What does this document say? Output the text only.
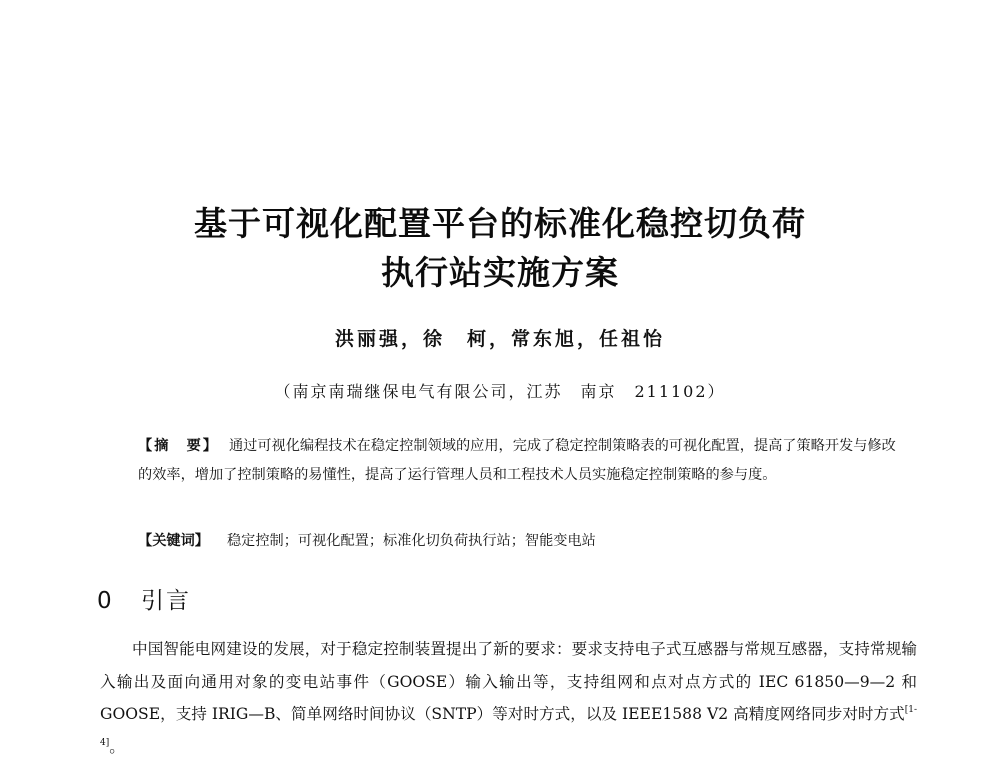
基于可视化配置平台的标准化稳控切负荷
执行站实施方案
洪丽强，徐　柯，常东旭，任祖怡
（南京南瑞继保电气有限公司，江苏　南京　211102）
【摘　要】 通过可视化编程技术在稳定控制领域的应用，完成了稳定控制策略表的可视化配置，提高了策略开发与修改的效率，增加了控制策略的易懂性，提高了运行管理人员和工程技术人员实施稳定控制策略的参与度。
【关键词】 稳定控制；可视化配置；标准化切负荷执行站；智能变电站
0 引言
中国智能电网建设的发展，对于稳定控制装置提出了新的要求：要求支持电子式互感器与常规互感器，支持常规输入输出及面向通用对象的变电站事件（GOOSE）输入输出等，支持组网和点对点方式的 IEC 61850—9—2 和 GOOSE，支持 IRIG—B、简单网络时间协议（SNTP）等对时方式，以及 IEEE1588 V2 高精度网络同步对时方式[1-4]。
